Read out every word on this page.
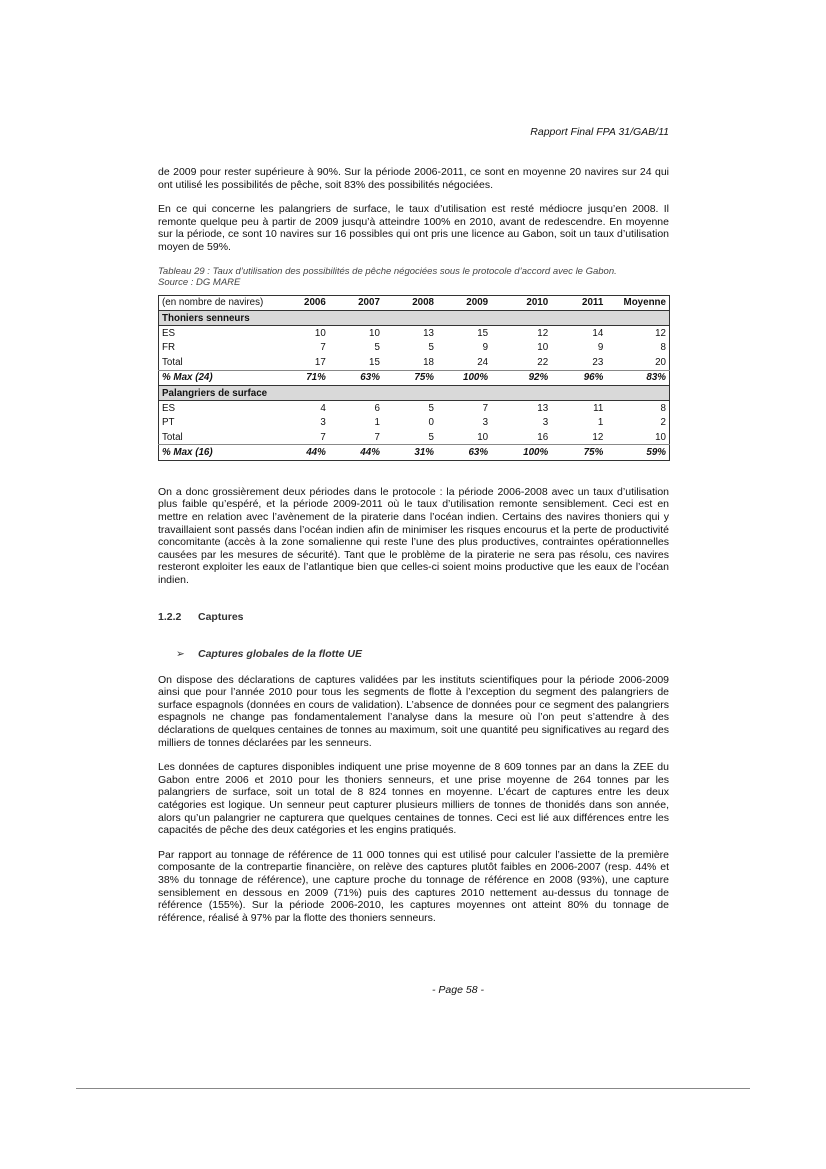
Rapport Final FPA 31/GAB/11

de 2009 pour rester supérieure à 90%. Sur la période 2006-2011, ce sont en moyenne 20 navires sur 24 qui ont utilisé les possibilités de pêche, soit 83% des possibilités négociées.

En ce qui concerne les palangriers de surface, le taux d’utilisation est resté médiocre jusqu’en 2008. Il remonte quelque peu à partir de 2009 jusqu’à atteindre 100% en 2010, avant de redescendre. En moyenne sur la période, ce sont 10 navires sur 16 possibles qui ont pris une licence au Gabon, soit un taux d’utilisation moyen de 59%.

Tableau 29 : Taux d’utilisation des possibilités de pêche négociées sous le protocole d’accord avec le Gabon.
Source : DG MARE
(en nombre de navires)	2006	2007	2008	2009	2010	2011	Moyenne
Thoniers senneurs							
ES	10	10	13	15	12	14	12
FR	7	5	5	9	10	9	8
Total	17	15	18	24	22	23	20
% Max (24)	71%	63%	75%	100%	92%	96%	83%
Palangriers de surface							
ES	4	6	5	7	13	11	8
PT	3	1	0	3	3	1	2
Total	7	7	5	10	16	12	10
% Max (16)	44%	44%	31%	63%	100%	75%	59%

On a donc grossièrement deux périodes dans le protocole : la période 2006-2008 avec un taux d’utilisation plus faible qu’espéré, et la période 2009-2011 où le taux d’utilisation remonte sensiblement. Ceci est en mettre en relation avec l’avènement de la piraterie dans l’océan indien. Certains des navires thoniers qui y travaillaient sont passés dans l’océan indien afin de minimiser les risques encourus et la perte de productivité concomitante (accès à la zone somalienne qui reste l’une des plus productives, contraintes opérationnelles causées par les mesures de sécurité). Tant que le problème de la piraterie ne sera pas résolu, ces navires resteront exploiter les eaux de l’atlantique bien que celles-ci soient moins productive que les eaux de l’océan indien.

1.2.2 Captures
➢ Captures globales de la flotte UE

On dispose des déclarations de captures validées par les instituts scientifiques pour la période 2006-2009 ainsi que pour l’année 2010 pour tous les segments de flotte à l’exception du segment des palangriers de surface espagnols (données en cours de validation). L’absence de données pour ce segment des palangriers espagnols ne change pas fondamentalement l’analyse dans la mesure où l’on peut s’attendre à des déclarations de quelques centaines de tonnes au maximum, soit une quantité peu significatives au regard des milliers de tonnes déclarées par les senneurs.

Les données de captures disponibles indiquent une prise moyenne de 8 609 tonnes par an dans la ZEE du Gabon entre 2006 et 2010 pour les thoniers senneurs, et une prise moyenne de 264 tonnes par les palangriers de surface, soit un total de 8 824 tonnes en moyenne. L’écart de captures entre les deux catégories est logique. Un senneur peut capturer plusieurs milliers de tonnes de thonidés dans son année, alors qu’un palangrier ne capturera que quelques centaines de tonnes. Ceci est lié aux différences entre les capacités de pêche des deux catégories et les engins pratiqués.

Par rapport au tonnage de référence de 11 000 tonnes qui est utilisé pour calculer l’assiette de la première composante de la contrepartie financière, on relève des captures plutôt faibles en 2006-2007 (resp. 44% et 38% du tonnage de référence), une capture proche du tonnage de référence en 2008 (93%), une capture sensiblement en dessous en 2009 (71%) puis des captures 2010 nettement au-dessus du tonnage de référence (155%). Sur la période 2006-2010, les captures moyennes ont atteint 80% du tonnage de référence, réalisé à 97% par la flotte des thoniers senneurs.

- Page 58 -
